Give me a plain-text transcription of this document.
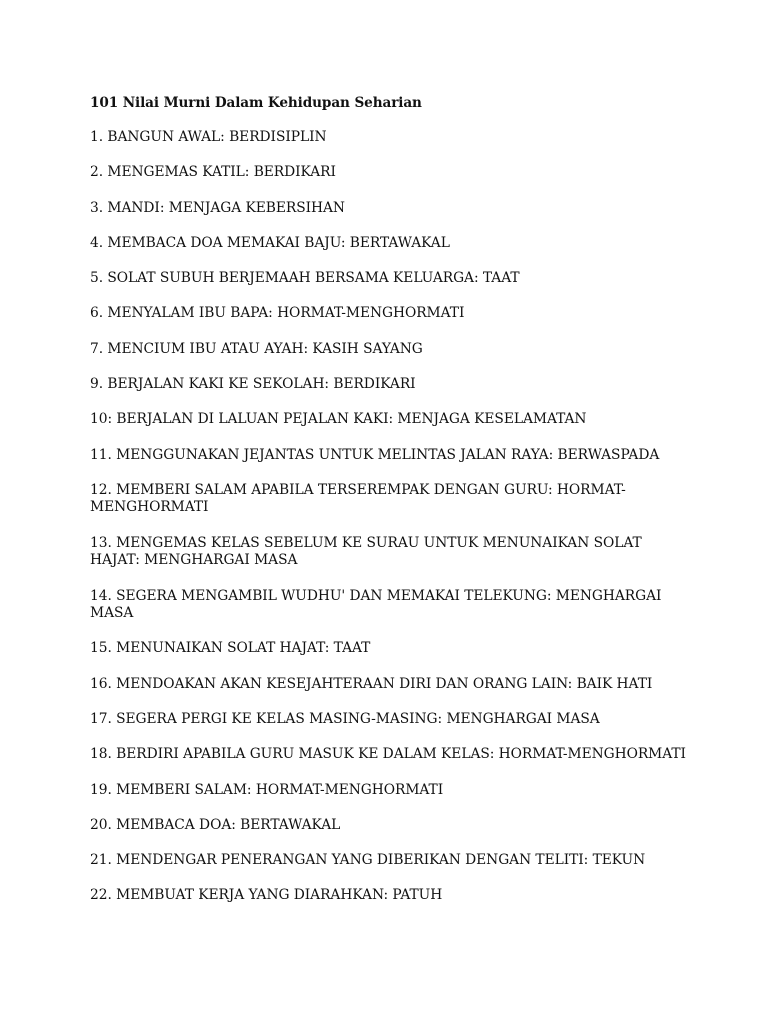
101 Nilai Murni Dalam Kehidupan Seharian
1. BANGUN AWAL: BERDISIPLIN
2. MENGEMAS KATIL: BERDIKARI
3. MANDI: MENJAGA KEBERSIHAN
4. MEMBACA DOA MEMAKAI BAJU: BERTAWAKAL
5. SOLAT SUBUH BERJEMAAH BERSAMA KELUARGA: TAAT
6. MENYALAM IBU BAPA: HORMAT-MENGHORMATI
7. MENCIUM IBU ATAU AYAH: KASIH SAYANG
9. BERJALAN KAKI KE SEKOLAH: BERDIKARI
10: BERJALAN DI LALUAN PEJALAN KAKI: MENJAGA KESELAMATAN
11. MENGGUNAKAN JEJANTAS UNTUK MELINTAS JALAN RAYA: BERWASPADA
12. MEMBERI SALAM APABILA TERSEREMPAK DENGAN GURU: HORMAT-MENGHORMATI
13. MENGEMAS KELAS SEBELUM KE SURAU UNTUK MENUNAIKAN SOLAT HAJAT: MENGHARGAI MASA
14. SEGERA MENGAMBIL WUDHU' DAN MEMAKAI TELEKUNG: MENGHARGAI MASA
15. MENUNAIKAN SOLAT HAJAT: TAAT
16. MENDOAKAN AKAN KESEJAHTERAAN DIRI DAN ORANG LAIN: BAIK HATI
17. SEGERA PERGI KE KELAS MASING-MASING: MENGHARGAI MASA
18. BERDIRI APABILA GURU MASUK KE DALAM KELAS: HORMAT-MENGHORMATI
19. MEMBERI SALAM: HORMAT-MENGHORMATI
20. MEMBACA DOA: BERTAWAKAL
21. MENDENGAR PENERANGAN YANG DIBERIKAN DENGAN TELITI: TEKUN
22. MEMBUAT KERJA YANG DIARAHKAN: PATUH
